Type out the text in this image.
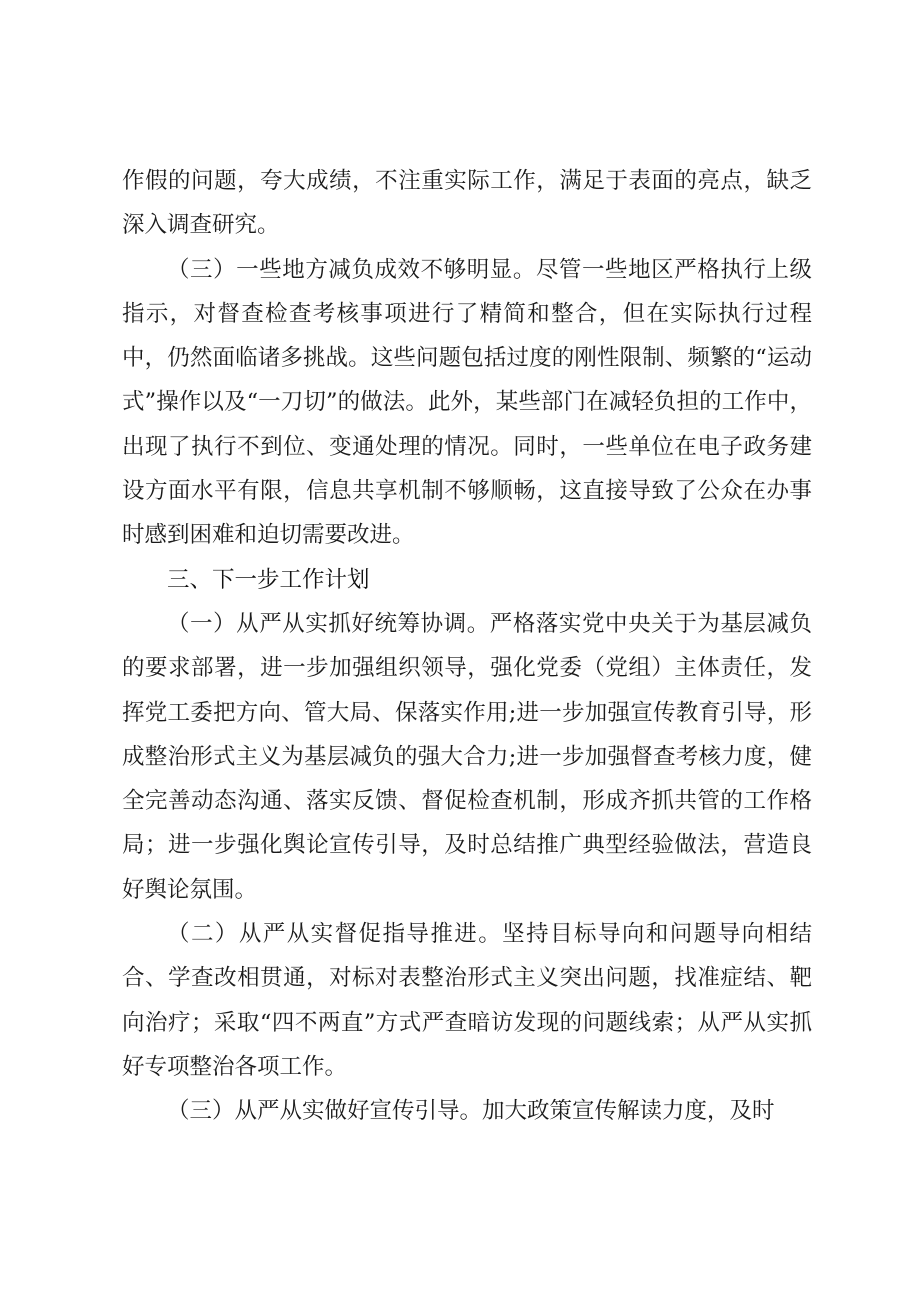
作假的问题，夸大成绩，不注重实际工作，满足于表面的亮点，缺乏深入调查研究。

（三）一些地方减负成效不够明显。尽管一些地区严格执行上级指示，对督查检查考核事项进行了精简和整合，但在实际执行过程中，仍然面临诸多挑战。这些问题包括过度的刚性限制、频繁的“运动式”操作以及“一刀切”的做法。此外，某些部门在减轻负担的工作中，出现了执行不到位、变通处理的情况。同时，一些单位在电子政务建设方面水平有限，信息共享机制不够顺畅，这直接导致了公众在办事时感到困难和迫切需要改进。

三、下一步工作计划

（一）从严从实抓好统筹协调。严格落实党中央关于为基层减负的要求部署，进一步加强组织领导，强化党委（党组）主体责任，发挥党工委把方向、管大局、保落实作用;进一步加强宣传教育引导，形成整治形式主义为基层减负的强大合力;进一步加强督查考核力度，健全完善动态沟通、落实反馈、督促检查机制，形成齐抓共管的工作格局；进一步强化舆论宣传引导，及时总结推广典型经验做法，营造良好舆论氛围。

（二）从严从实督促指导推进。坚持目标导向和问题导向相结合、学查改相贯通，对标对表整治形式主义突出问题，找准症结、靶向治疗；采取“四不两直”方式严查暗访发现的问题线索；从严从实抓好专项整治各项工作。

（三）从严从实做好宣传引导。加大政策宣传解读力度，及时
